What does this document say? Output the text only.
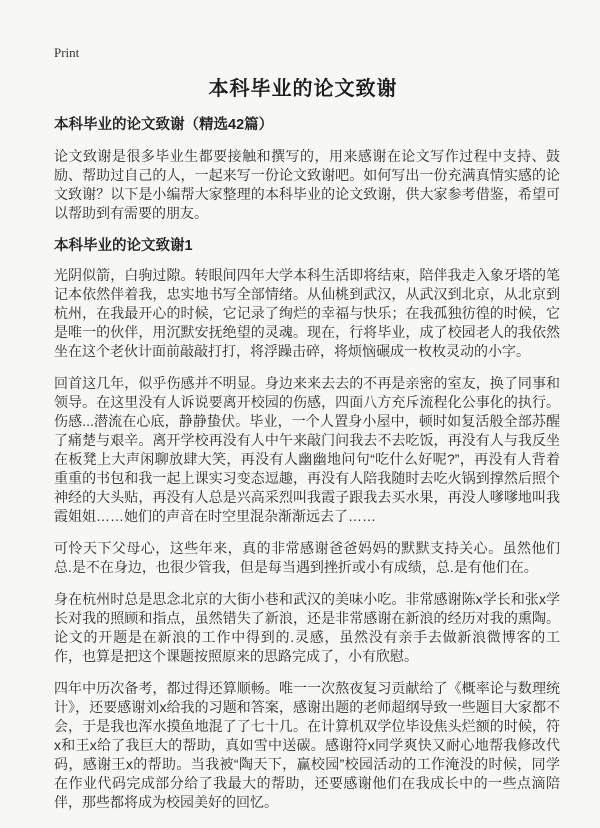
Print
本科毕业的论文致谢
本科毕业的论文致谢（精选42篇）

论文致谢是很多毕业生都要接触和撰写的，用来感谢在论文写作过程中支持、鼓励、帮助过自己的人，一起来写一份论文致谢吧。如何写出一份充满真情实感的论文致谢？以下是小编帮大家整理的本科毕业的论文致谢，供大家参考借鉴，希望可以帮助到有需要的朋友。

本科毕业的论文致谢1

光阴似箭，白驹过隙。转眼间四年大学本科生活即将结束，陪伴我走入象牙塔的笔记本依然伴着我，忠实地书写全部情绪。从仙桃到武汉，从武汉到北京，从北京到杭州，在我最开心的时候，它记录了绚烂的幸福与快乐；在我孤独彷徨的时候，它是唯一的伙伴，用沉默安抚绝望的灵魂。现在，行将毕业，成了校园老人的我依然坐在这个老伙计面前敲敲打打，将浮躁击碎，将烦恼碾成一枚枚灵动的小字。

回首这几年，似乎伤感并不明显。身边来来去去的不再是亲密的室友，换了同事和领导。在这里没有人诉说要离开校园的伤感，四面八方充斥流程化公事化的执行。伤感...潜流在心底，静静蛰伏。毕业，一个人置身小屋中，顿时如复活般全部苏醒了痛楚与艰辛。离开学校再没有人中午来敲门问我去不去吃饭，再没有人与我反坐在板凳上大声闲聊放肆大笑，再没有人幽幽地问句“吃什么好呢?”，再没有人背着重重的书包和我一起上课实习变态逗趣，再没有人陪我随时去吃火锅到撑然后照个神经的大头贴，再没有人总是兴高采烈叫我霞子跟我去买水果，再没人嗲嗲地叫我霞姐姐……她们的声音在时空里混杂渐渐远去了……

可怜天下父母心，这些年来，真的非常感谢爸爸妈妈的默默支持关心。虽然他们总.是不在身边，也很少管我，但是每当遇到挫折或小有成绩，总.是有他们在。

身在杭州时总是思念北京的大街小巷和武汉的美味小吃。非常感谢陈x学长和张x学长对我的照顾和指点，虽然错失了新浪，还是非常感谢在新浪的经历对我的熏陶。论文的开题是在新浪的工作中得到的.灵感，虽然没有亲手去做新浪微博客的工作，也算是把这个课题按照原来的思路完成了，小有欣慰。

四年中历次备考，都过得还算顺畅。唯一一次熬夜复习贡献给了《概率论与数理统计》，还要感谢刘x给我的习题和答案，感谢出题的老师超纲导致一些题目大家都不会，于是我也浑水摸鱼地混了了七十几。在计算机双学位毕设焦头烂额的时候，符x和王x给了我巨大的帮助，真如雪中送碳。感谢符x同学爽快又耐心地帮我修改代码，感谢王x的帮助。当我被“陶天下，赢校园”校园活动的工作淹没的时候，同学在作业代码完成部分给了我最大的帮助，还要感谢他们在我成长中的一些点滴陪伴，那些都将成为校园美好的回忆。
